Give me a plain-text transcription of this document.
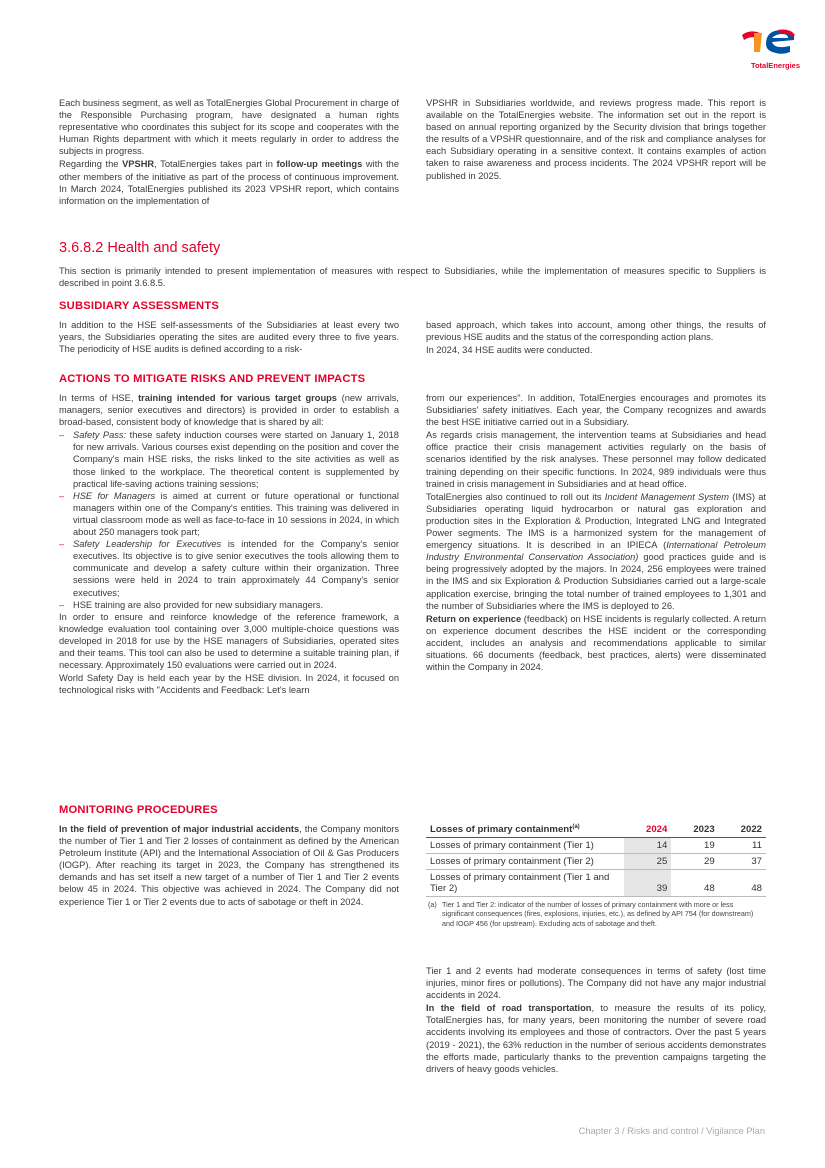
TotalEnergies

Each business segment, as well as TotalEnergies Global Procurement in charge of the Responsible Purchasing program, have designated a human rights representative who coordinates this subject for its scope and cooperates with the Human Rights department with which it meets regularly in order to address the subjects in progress.

Regarding the VPSHR, TotalEnergies takes part in follow-up meetings with the other members of the initiative as part of the process of continuous improvement. In March 2024, TotalEnergies published its 2023 VPSHR report, which contains information on the implementation of

VPSHR in Subsidiaries worldwide, and reviews progress made. This report is available on the TotalEnergies website. The information set out in the report is based on annual reporting organized by the Security division that brings together the results of a VPSHR questionnaire, and of the risk and compliance analyses for each Subsidiary operating in a sensitive context. It contains examples of action taken to raise awareness and process incidents. The 2024 VPSHR report will be published in 2025.

3.6.8.2 Health and safety

This section is primarily intended to present implementation of measures with respect to Subsidiaries, while the implementation of measures specific to Suppliers is described in point 3.6.8.5.

SUBSIDIARY ASSESSMENTS

In addition to the HSE self-assessments of the Subsidiaries at least every two years, the Subsidiaries operating the sites are audited every three to five years. The periodicity of HSE audits is defined according to a risk-

based approach, which takes into account, among other things, the results of previous HSE audits and the status of the corresponding action plans.

In 2024, 34 HSE audits were conducted.

ACTIONS TO MITIGATE RISKS AND PREVENT IMPACTS

In terms of HSE, training intended for various target groups (new arrivals, managers, senior executives and directors) is provided in order to establish a broad-based, consistent body of knowledge that is shared by all:

– Safety Pass: these safety induction courses were started on January 1, 2018 for new arrivals. Various courses exist depending on the position and cover the Company's main HSE risks, the risks linked to the site activities as well as those linked to the workplace. The theoretical content is supplemented by practical life-saving actions training sessions;
– HSE for Managers is aimed at current or future operational or functional managers within one of the Company's entities. This training was delivered in virtual classroom mode as well as face-to-face in 10 sessions in 2024, in which about 250 managers took part;
– Safety Leadership for Executives is intended for the Company's senior executives. Its objective is to give senior executives the tools allowing them to communicate and develop a safety culture within their organization. Three sessions were held in 2024 to train approximately 44 Company's senior executives;
– HSE training are also provided for new subsidiary managers.

In order to ensure and reinforce knowledge of the reference framework, a knowledge evaluation tool containing over 3,000 multiple-choice questions was developed in 2018 for use by the HSE managers of Subsidiaries, operated sites and their teams. This tool can also be used to determine a suitable training plan, if necessary. Approximately 150 evaluations were carried out in 2024.

World Safety Day is held each year by the HSE division. In 2024, it focused on technological risks with "Accidents and Feedback: Let's learn

from our experiences". In addition, TotalEnergies encourages and promotes its Subsidiaries' safety initiatives. Each year, the Company recognizes and awards the best HSE initiative carried out in a Subsidiary.

As regards crisis management, the intervention teams at Subsidiaries and head office practice their crisis management activities regularly on the basis of scenarios identified by the risk analyses. These personnel may follow dedicated training depending on their specific functions. In 2024, 989 individuals were thus trained in crisis management in Subsidiaries and at head office.

TotalEnergies also continued to roll out its Incident Management System (IMS) at Subsidiaries operating liquid hydrocarbon or natural gas exploration and production sites in the Exploration & Production, Integrated LNG and Integrated Power segments. The IMS is a harmonized system for the management of emergency situations. It is described in an IPIECA (International Petroleum Industry Environmental Conservation Association) good practices guide and is being progressively adopted by the majors. In 2024, 256 employees were trained in the IMS and six Exploration & Production Subsidiaries carried out a large-scale application exercise, bringing the total number of trained employees to 1,301 and the number of Subsidiaries where the IMS is deployed to 26.

Return on experience (feedback) on HSE incidents is regularly collected. A return on experience document describes the HSE incident or the corresponding accident, includes an analysis and recommendations applicable to similar situations. 66 documents (feedback, best practices, alerts) were disseminated within the Company in 2024.

MONITORING PROCEDURES

In the field of prevention of major industrial accidents, the Company monitors the number of Tier 1 and Tier 2 losses of containment as defined by the American Petroleum Institute (API) and the International Association of Oil & Gas Producers (IOGP). After reaching its target in 2023, the Company has strengthened its demands and has set itself a new target of a number of Tier 1 and Tier 2 events below 45 in 2024. This objective was achieved in 2024. The Company did not experience Tier 1 or Tier 2 events due to acts of sabotage or theft in 2024.

Losses of primary containment$^{(a)}$	2024	2023	2022
Losses of primary containment (Tier 1)	14	19	11
Losses of primary containment (Tier 2)	25	29	37
Losses of primary containment (Tier 1 and Tier 2)	39	48	48
(a) Tier 1 and Tier 2: indicator of the number of losses of primary containment with more or less significant consequences (fires, explosions, injuries, etc.), as defined by API 754 (for downstream) and IOGP 456 (for upstream). Excluding acts of sabotage and theft.

Tier 1 and 2 events had moderate consequences in terms of safety (lost time injuries, minor fires or pollutions). The Company did not have any major industrial accidents in 2024.

In the field of road transportation, to measure the results of its policy, TotalEnergies has, for many years, been monitoring the number of severe road accidents involving its employees and those of contractors. Over the past 5 years (2019 - 2021), the 63% reduction in the number of serious accidents demonstrates the efforts made, particularly thanks to the prevention campaigns targeting the drivers of heavy goods vehicles.

Chapter 3 / Risks and control / Vigilance Plan
